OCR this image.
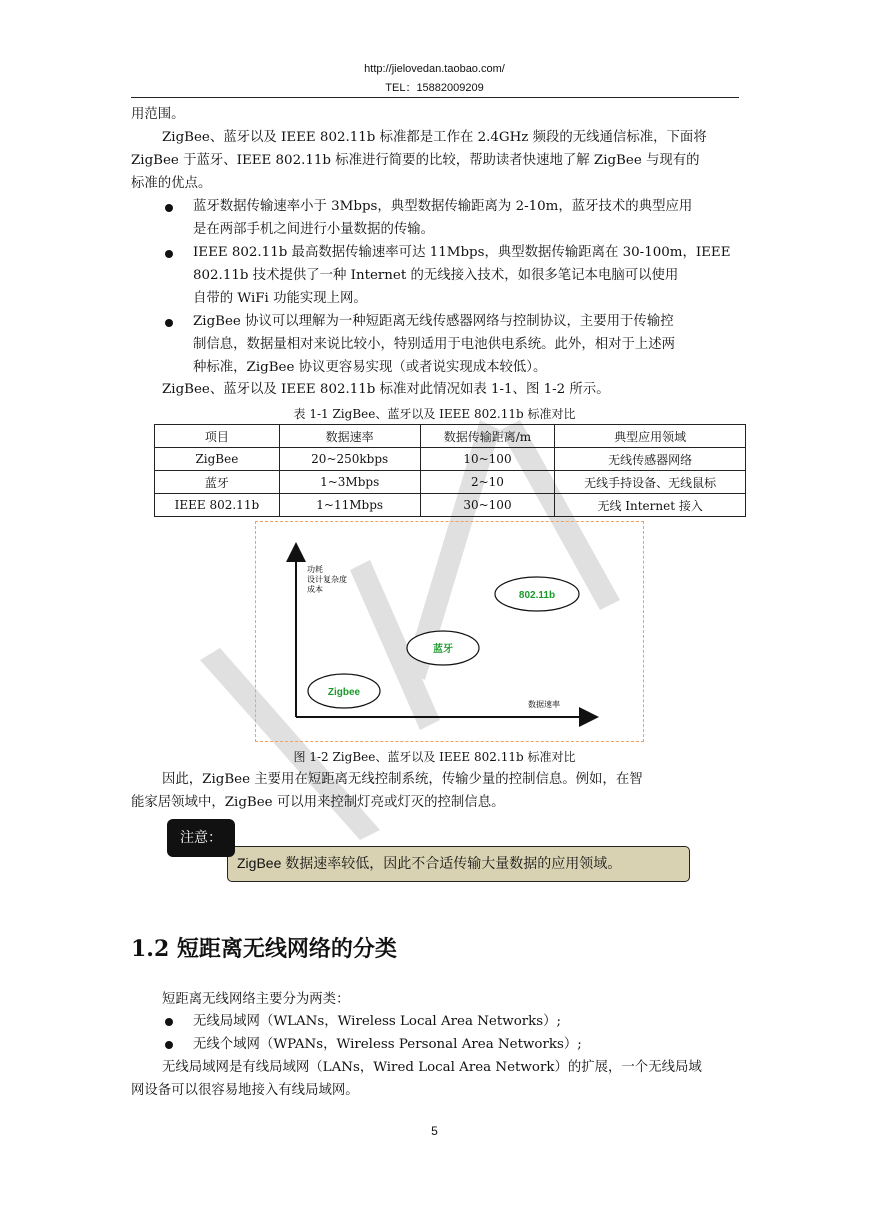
http://jielovedan.taobao.com/
TEL：15882009209
用范围。
ZigBee、蓝牙以及 IEEE 802.11b 标准都是工作在 2.4GHz 频段的无线通信标准，下面将
ZigBee 于蓝牙、IEEE 802.11b 标准进行简要的比较，帮助读者快速地了解 ZigBee 与现有的
标准的优点。
蓝牙数据传输速率小于 3Mbps，典型数据传输距离为 2-10m，蓝牙技术的典型应用
是在两部手机之间进行小量数据的传输。
IEEE 802.11b 最高数据传输速率可达 11Mbps，典型数据传输距离在 30-100m，IEEE
802.11b 技术提供了一种 Internet 的无线接入技术，如很多笔记本电脑可以使用
自带的 WiFi 功能实现上网。
ZigBee 协议可以理解为一种短距离无线传感器网络与控制协议，主要用于传输控
制信息，数据量相对来说比较小，特别适用于电池供电系统。此外，相对于上述两
种标准，ZigBee 协议更容易实现（或者说实现成本较低）。
ZigBee、蓝牙以及 IEEE 802.11b 标准对此情况如表 1-1、图 1-2 所示。
表 1-1 ZigBee、蓝牙以及 IEEE 802.11b 标准对比
项目	数据速率	数据传输距离/m	典型应用领域
ZigBee	20~250kbps	10~100	无线传感器网络
蓝牙	1~3Mbps	2~10	无线手持设备、无线鼠标
IEEE 802.11b	1~11Mbps	30~100	无线 Internet 接入
功耗
设计复杂度
成本
数据速率
Zigbee
蓝牙
802.11b
图 1-2 ZigBee、蓝牙以及 IEEE 802.11b 标准对比
因此，ZigBee 主要用在短距离无线控制系统，传输少量的控制信息。例如，在智
能家居领域中，ZigBee 可以用来控制灯亮或灯灭的控制信息。
ZigBee 数据速率较低，因此不合适传输大量数据的应用领域。
注意：
1.2 短距离无线网络的分类
短距离无线网络主要分为两类：
无线局域网（WLANs，Wireless Local Area Networks）;
无线个域网（WPANs，Wireless Personal Area Networks）;
无线局域网是有线局域网（LANs，Wired Local Area Network）的扩展，一个无线局域
网设备可以很容易地接入有线局域网。
5
